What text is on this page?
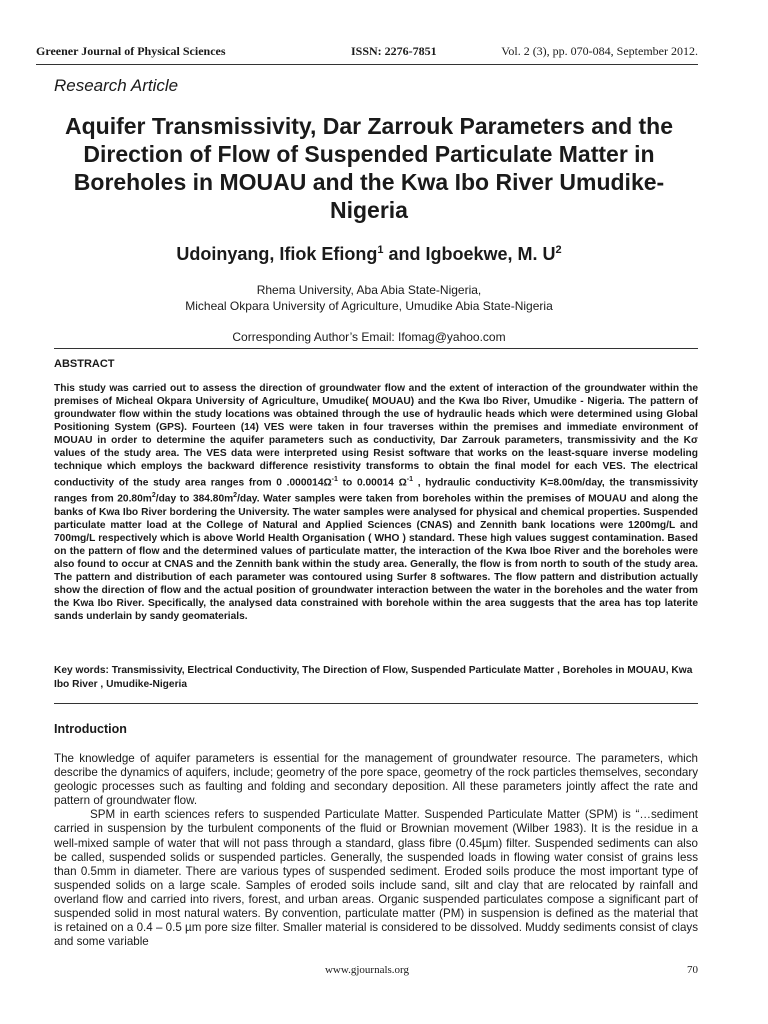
Greener Journal of Physical Sciences	ISSN: 2276-7851	Vol. 2 (3), pp. 070-084, September 2012.
Research Article
Aquifer Transmissivity, Dar Zarrouk Parameters and the Direction of Flow of Suspended Particulate Matter in Boreholes in MOUAU and the Kwa Ibo River Umudike-Nigeria
Udoinyang, Ifiok Efiong$^1$ and Igboekwe, M. $U^2$
Rhema University, Aba Abia State-Nigeria,
Micheal Okpara University of Agriculture, Umudike Abia State-Nigeria
Corresponding Author’s Email: Ifomag@yahoo.com
ABSTRACT

This study was carried out to assess the direction of groundwater flow and the extent of interaction of the groundwater within the premises of Micheal Okpara University of Agriculture, Umudike( MOUAU) and the Kwa Ibo River, Umudike - Nigeria. The pattern of groundwater flow within the study locations was obtained through the use of hydraulic heads which were determined using Global Positioning System (GPS). Fourteen (14) VES were taken in four traverses within the premises and immediate environment of MOUAU in order to determine the aquifer parameters such as conductivity, Dar Zarrouk parameters, transmissivity and the Kσ values of the study area. The VES data were interpreted using Resist software that works on the least-square inverse modeling technique which employs the backward difference resistivity transforms to obtain the final model for each VES. The electrical conductivity of the study area ranges from 0 $.000014\Omega^{-1}$ to 0.00014 $\Omega^{-1}$ , hydraulic conductivity K=8.00m/day, the transmissivity ranges from $20.80m^2$/day to $384.80m^2$/day. Water samples were taken from boreholes within the premises of MOUAU and along the banks of Kwa Ibo River bordering the University. The water samples were analysed for physical and chemical properties. Suspended particulate matter load at the College of Natural and Applied Sciences (CNAS) and Zennith bank locations were 1200mg/L and 700mg/L respectively which is above World Health Organisation ( WHO ) standard. These high values suggest contamination. Based on the pattern of flow and the determined values of particulate matter, the interaction of the Kwa Iboe River and the boreholes were also found to occur at CNAS and the Zennith bank within the study area. Generally, the flow is from north to south of the study area. The pattern and distribution of each parameter was contoured using Surfer 8 softwares. The flow pattern and distribution actually show the direction of flow and the actual position of groundwater interaction between the water in the boreholes and the water from the Kwa Ibo River. Specifically, the analysed data constrained with borehole within the area suggests that the area has top laterite sands underlain by sandy geomaterials.

Key words: Transmissivity, Electrical Conductivity, The Direction of Flow, Suspended Particulate Matter , Boreholes in MOUAU, Kwa Ibo River , Umudike-Nigeria

Introduction

The knowledge of aquifer parameters is essential for the management of groundwater resource. The parameters, which describe the dynamics of aquifers, include; geometry of the pore space, geometry of the rock particles themselves, secondary geologic processes such as faulting and folding and secondary deposition. All these parameters jointly affect the rate and pattern of groundwater flow.

SPM in earth sciences refers to suspended Particulate Matter. Suspended Particulate Matter (SPM) is “…sediment carried in suspension by the turbulent components of the fluid or Brownian movement (Wilber 1983). It is the residue in a well-mixed sample of water that will not pass through a standard, glass fibre (0.45µm) filter. Suspended sediments can also be called, suspended solids or suspended particles. Generally, the suspended loads in flowing water consist of grains less than 0.5mm in diameter. There are various types of suspended sediment. Eroded soils produce the most important type of suspended solids on a large scale. Samples of eroded soils include sand, silt and clay that are relocated by rainfall and overland flow and carried into rivers, forest, and urban areas. Organic suspended particulates compose a significant part of suspended solid in most natural waters. By convention, particulate matter (PM) in suspension is defined as the material that is retained on a 0.4 – 0.5 µm pore size filter. Smaller material is considered to be dissolved. Muddy sediments consist of clays and some variable

www.gjournals.org	70
